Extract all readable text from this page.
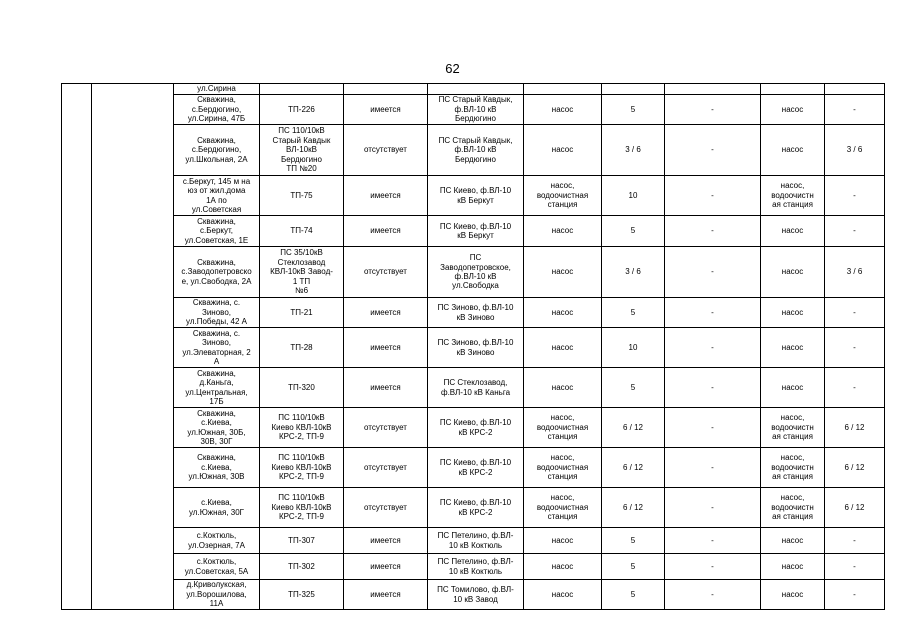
62
		ул.Сирина								
		Скважина,
с.Бердюгино,
ул.Сирина, 47Б	ТП-226	имеется	ПС Старый Кавдык,
ф.ВЛ-10 кВ
Бердюгино	насос	5	-	насос	-
		Скважина,
с.Бердюгино,
ул.Школьная, 2А	ПС 110/10кВ
Старый Кавдык
ВЛ-10кВ
Бердюгино
ТП №20	отсутствует	ПС Старый Кавдык,
ф.ВЛ-10 кВ
Бердюгино	насос	3 / 6	-	насос	3 / 6
		с.Беркут, 145 м на
юз от жил.дома
1А по
ул.Советская	ТП-75	имеется	ПС Киево, ф.ВЛ-10
кВ Беркут	насос,
водоочистная
станция	10	-	насос,
водоочистн
ая станция	-
		Скважина,
с.Беркут,
ул.Советская, 1Е	ТП-74	имеется	ПС Киево, ф.ВЛ-10
кВ Беркут	насос	5	-	насос	-
		Скважина,
с.Заводопетровско
е, ул.Свободка, 2А	ПС 35/10кВ
Стеклозавод
КВЛ-10кВ Завод-
1 ТП
№6	отсутствует	ПС
Заводопетровское,
ф.ВЛ-10 кВ
ул.Свободка	насос	3 / 6	-	насос	3 / 6
		Скважина, с.
Зиново,
ул.Победы, 42 А	ТП-21	имеется	ПС Зиново, ф.ВЛ-10
кВ Зиново	насос	5	-	насос	-
		Скважина, с.
Зиново,
ул.Элеваторная, 2
А	ТП-28	имеется	ПС Зиново, ф.ВЛ-10
кВ Зиново	насос	10	-	насос	-
		Скважина,
д.Каньга,
ул.Центральная,
17Б	ТП-320	имеется	ПС Стеклозавод,
ф.ВЛ-10 кВ Каньга	насос	5	-	насос	-
		Скважина,
с.Киева,
ул.Южная, 30Б,
30В, 30Г	ПС 110/10кВ
Киево КВЛ-10кВ
КРС-2, ТП-9	отсутствует	ПС Киево, ф.ВЛ-10
кВ КРС-2	насос,
водоочистная
станция	6 / 12	-	насос,
водоочистн
ая станция	6 / 12
		Скважина,
с.Киева,
ул.Южная, 30В	ПС 110/10кВ
Киево КВЛ-10кВ
КРС-2, ТП-9	отсутствует	ПС Киево, ф.ВЛ-10
кВ КРС-2	насос,
водоочистная
станция	6 / 12	-	насос,
водоочистн
ая станция	6 / 12
		с.Киева,
ул.Южная, 30Г	ПС 110/10кВ
Киево КВЛ-10кВ
КРС-2, ТП-9	отсутствует	ПС Киево, ф.ВЛ-10
кВ КРС-2	насос,
водоочистная
станция	6 / 12	-	насос,
водоочистн
ая станция	6 / 12
		с.Коктюль,
ул.Озерная, 7А	ТП-307	имеется	ПС Петелино, ф.ВЛ-
10 кВ Коктюль	насос	5	-	насос	-
		с.Коктюль,
ул.Советская, 5А	ТП-302	имеется	ПС Петелино, ф.ВЛ-
10 кВ Коктюль	насос	5	-	насос	-
		д.Криволукская,
ул.Ворошилова,
11А	ТП-325	имеется	ПС Томилово, ф.ВЛ-
10 кВ Завод	насос	5	-	насос	-
